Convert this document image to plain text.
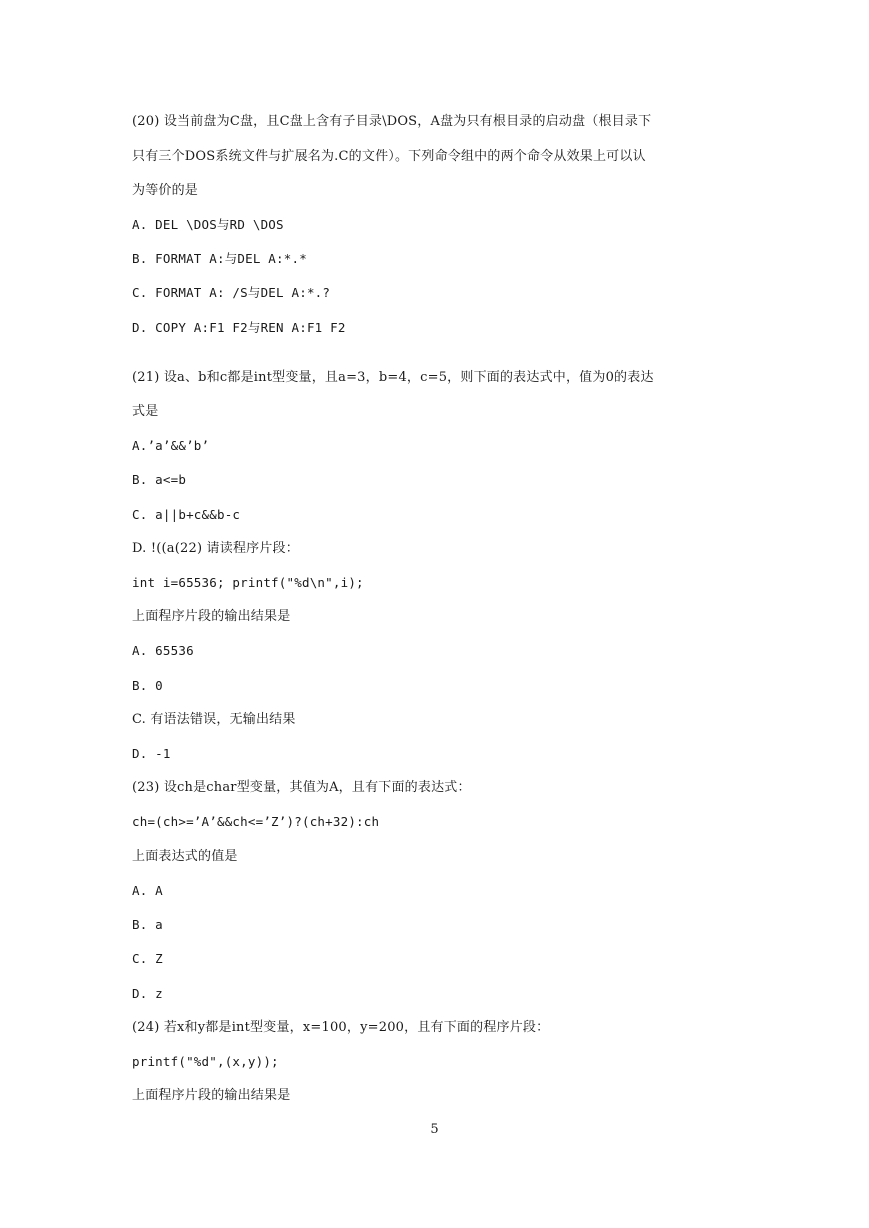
(20) 设当前盘为C盘，且C盘上含有子目录\DOS，A盘为只有根目录的启动盘（根目录下
只有三个DOS系统文件与扩展名为.C的文件）。下列命令组中的两个命令从效果上可以认
为等价的是
A. DEL \DOS与RD \DOS
B. FORMAT A:与DEL A:*.*
C. FORMAT A: /S与DEL A:*.?
D. COPY A:F1 F2与REN A:F1 F2
(21) 设a、b和c都是int型变量，且a=3，b=4，c=5，则下面的表达式中，值为0的表达
式是
A.’a’&&’b’
B. a<=b
C. a||b+c&&b-c
D. !((a(22) 请读程序片段：
int i=65536; printf("%d\n",i);
上面程序片段的输出结果是
A. 65536
B. 0
C. 有语法错误，无输出结果
D. -1
(23) 设ch是char型变量，其值为A，且有下面的表达式：
ch=(ch>=’A’&&ch<=’Z’)?(ch+32):ch
上面表达式的值是
A. A
B. a
C. Z
D. z
(24) 若x和y都是int型变量，x=100，y=200，且有下面的程序片段：
printf("%d",(x,y));
上面程序片段的输出结果是
5
